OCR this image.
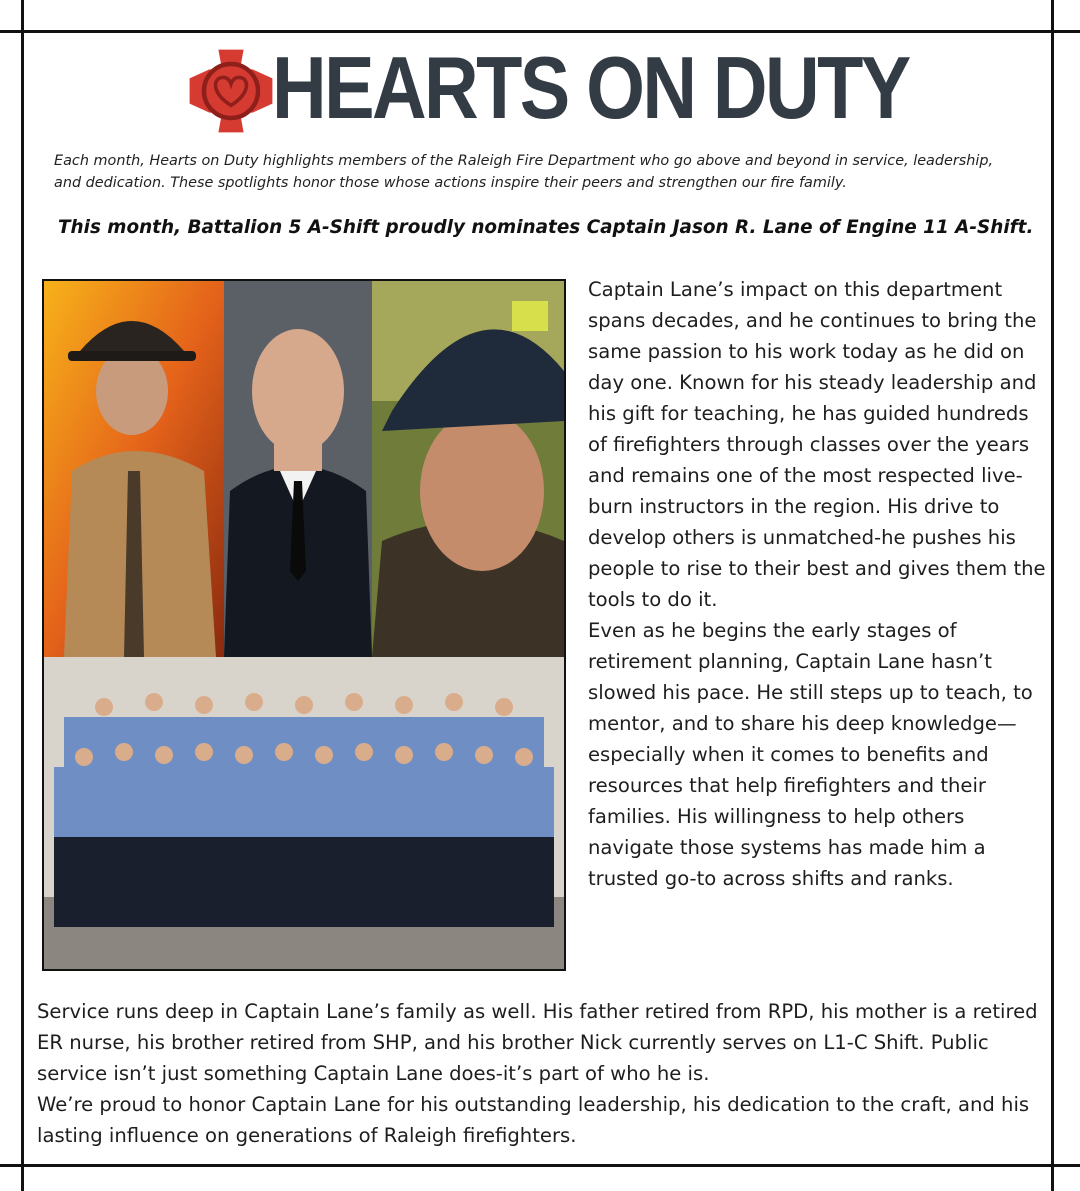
HEARTS ON DUTY

Each month, Hearts on Duty highlights members of the Raleigh Fire Department who go above and beyond in service, leadership, and dedication. These spotlights honor those whose actions inspire their peers and strengthen our fire family.

This month, Battalion 5 A-Shift proudly nominates Captain Jason R. Lane of Engine 11 A-Shift.

Captain Lane’s impact on this department spans decades, and he continues to bring the same passion to his work today as he did on day one. Known for his steady leadership and his gift for teaching, he has guided hundreds of firefighters through classes over the years and remains one of the most respected live-burn instructors in the region. His drive to develop others is unmatched-he pushes his people to rise to their best and gives them the tools to do it.

Even as he begins the early stages of retirement planning, Captain Lane hasn’t slowed his pace. He still steps up to teach, to mentor, and to share his deep knowledge—especially when it comes to benefits and resources that help firefighters and their families. His willingness to help others navigate those systems has made him a trusted go-to across shifts and ranks.

Service runs deep in Captain Lane’s family as well. His father retired from RPD, his mother is a retired ER nurse, his brother retired from SHP, and his brother Nick currently serves on L1-C Shift. Public service isn’t just something Captain Lane does-it’s part of who he is.

We’re proud to honor Captain Lane for his outstanding leadership, his dedication to the craft, and his lasting influence on generations of Raleigh firefighters.
